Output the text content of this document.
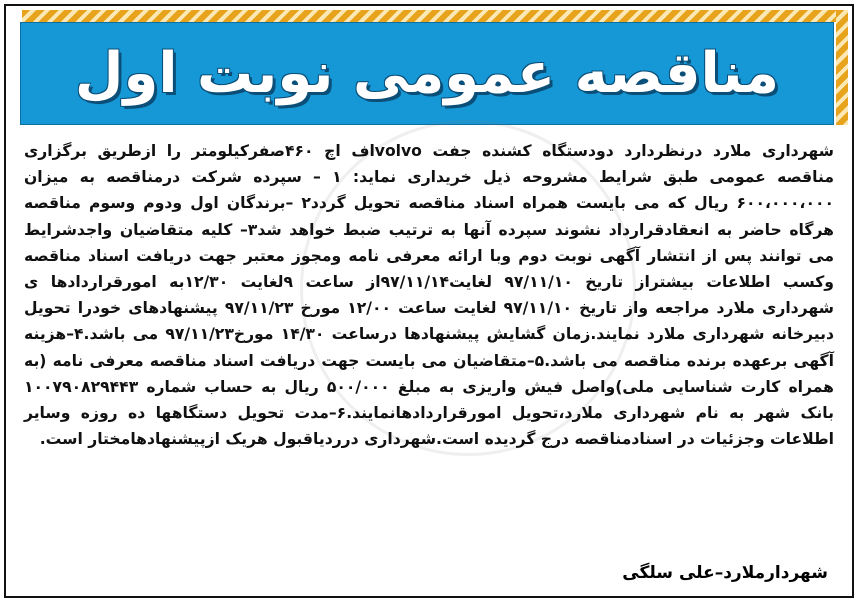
مناقصه عمومی نوبت اول

شهرداری ملارد درنظردارد دودستگاه کشنده جفت volvoاف اچ ۴۶۰صفرکیلومتر را ازطریق برگزاری مناقصه عمومی طبق شرایط مشروحه ذیل خریداری نماید: ۱ – سپرده شرکت درمناقصه به میزان ۶۰۰،۰۰۰،۰۰۰ ریال که می بایست همراه اسناد مناقصه تحویل گردد۲ –برندگان اول ودوم وسوم مناقصه هرگاه حاضر به انعقادقرارداد نشوند سپرده آنها به ترتیب ضبط خواهد شد۳– کلیه متقاضیان واجدشرایط می توانند پس از انتشار آگهی نوبت دوم وبا ارائه معرفی نامه ومجوز معتبر جهت دریافت اسناد مناقصه وکسب اطلاعات بیشتراز تاریخ ۹۷/۱۱/۱۰ لغایت۹۷/۱۱/۱۴از ساعت ۹لغایت ۱۲/۳۰به امورقراردادها ی شهرداری ملارد مراجعه واز تاریخ ۹۷/۱۱/۱۰ لغایت ساعت ۱۲/۰۰ مورخ ۹۷/۱۱/۲۳ پیشنهادهای خودرا تحویل دبیرخانه شهرداری ملارد نمایند.زمان گشایش پیشنهادها درساعت ۱۴/۳۰ مورخ۹۷/۱۱/۲۳ می باشد.۴–هزینه آگهی برعهده برنده مناقصه می باشد.۵–متقاضیان می بایست جهت دریافت اسناد مناقصه معرفی نامه (به همراه کارت شناسایی ملی)واصل فیش واریزی به مبلغ ۵۰۰/۰۰۰ ریال به حساب شماره ۱۰۰۷۹۰۸۲۹۴۴۳ بانک شهر به نام شهرداری ملارد،تحویل امورقراردادهانمایند.۶–مدت تحویل دستگاهها ده روزه وسایر اطلاعات وجزئیات در اسنادمناقصه درج گردیده است.شهرداری درردیاقبول هریک ازپیشنهادهامختار است.

شهردارملارد–علی سلگی
